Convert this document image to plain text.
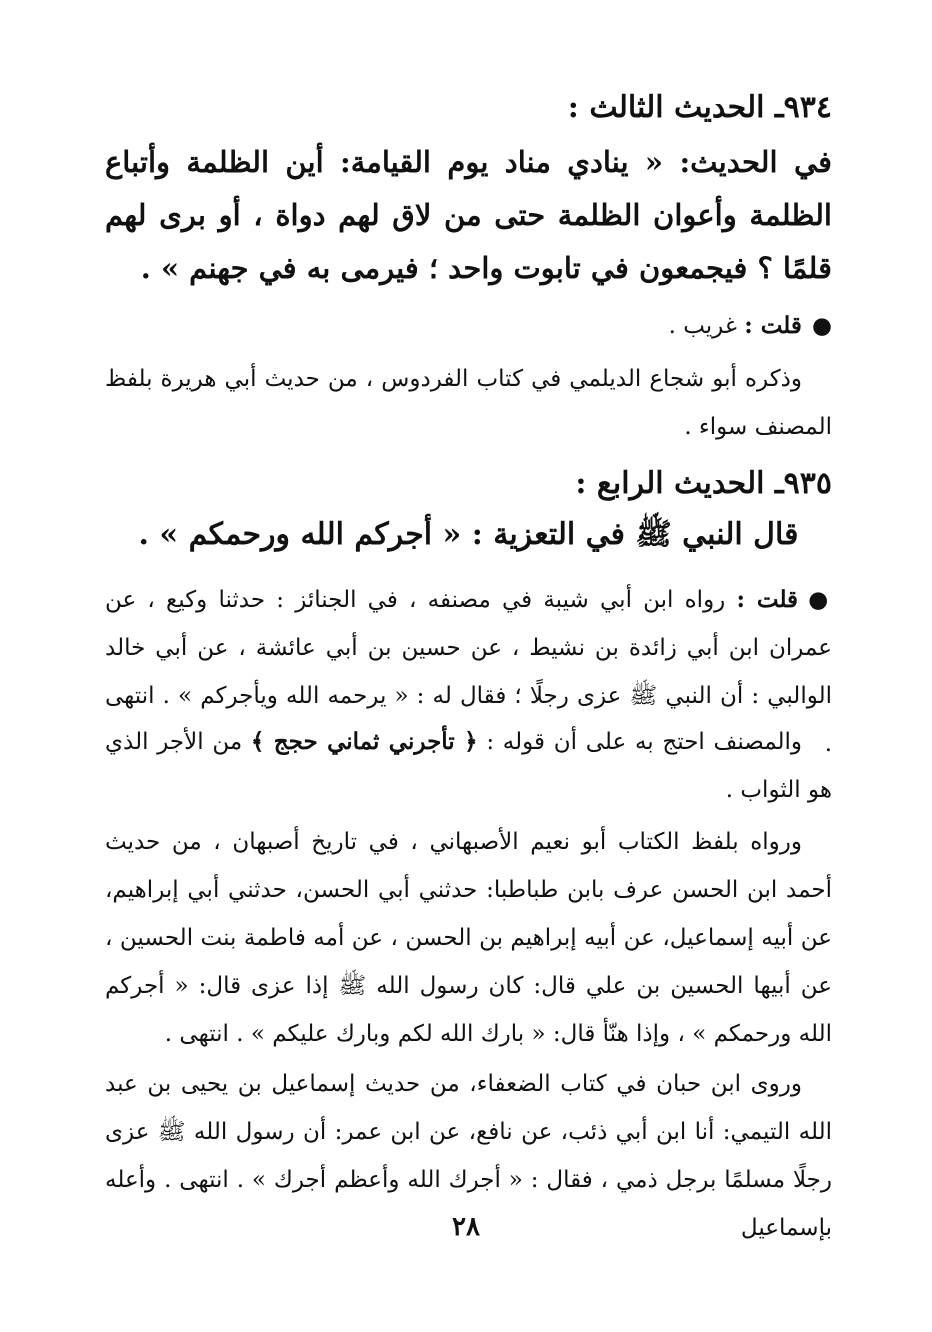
٩٣٤ـ الحديث الثالث :
في الحديث: « ينادي مناد يوم القيامة: أين الظلمة وأتباع الظلمة وأعوان الظلمة حتى من لاق لهم دواة ، أو برى لهم قلمًا ؟ فيجمعون في تابوت واحد ؛ فيرمى به في جهنم » .
●قلت : غريب .
وذكره أبو شجاع الديلمي في كتاب الفردوس ، من حديث أبي هريرة بلفظ المصنف سواء .
٩٣٥ـ الحديث الرابع :
قال النبي ﷺ في التعزية : « أجركم الله ورحمكم » .
●قلت : رواه ابن أبي شيبة في مصنفه ، في الجنائز : حدثنا وكيع ، عن عمران ابن أبي زائدة بن نشيط ، عن حسين بن أبي عائشة ، عن أبي خالد الوالبي : أن النبي ﷺ عزى رجلًا ؛ فقال له : « يرحمه الله ويأجركم » . انتهى .
والمصنف احتج به على أن قوله : ﴿ تأجرني ثماني حجج ﴾ من الأجر الذي هو الثواب .
ورواه بلفظ الكتاب أبو نعيم الأصبهاني ، في تاريخ أصبهان ، من حديث أحمد ابن الحسن عرف بابن طباطبا: حدثني أبي الحسن، حدثني أبي إبراهيم، عن أبيه إسماعيل، عن أبيه إبراهيم بن الحسن ، عن أمه فاطمة بنت الحسين ، عن أبيها الحسين بن علي قال: كان رسول الله ﷺ إذا عزى قال: « أجركم الله ورحمكم » ، وإذا هنّأ قال: « بارك الله لكم وبارك عليكم » . انتهى .
وروى ابن حبان في كتاب الضعفاء، من حديث إسماعيل بن يحيى بن عبد الله التيمي: أنا ابن أبي ذئب، عن نافع، عن ابن عمر: أن رسول الله ﷺ عزى رجلًا مسلمًا برجل ذمي ، فقال : « أجرك الله وأعظم أجرك » . انتهى . وأعله بإسماعيل
٢٨
